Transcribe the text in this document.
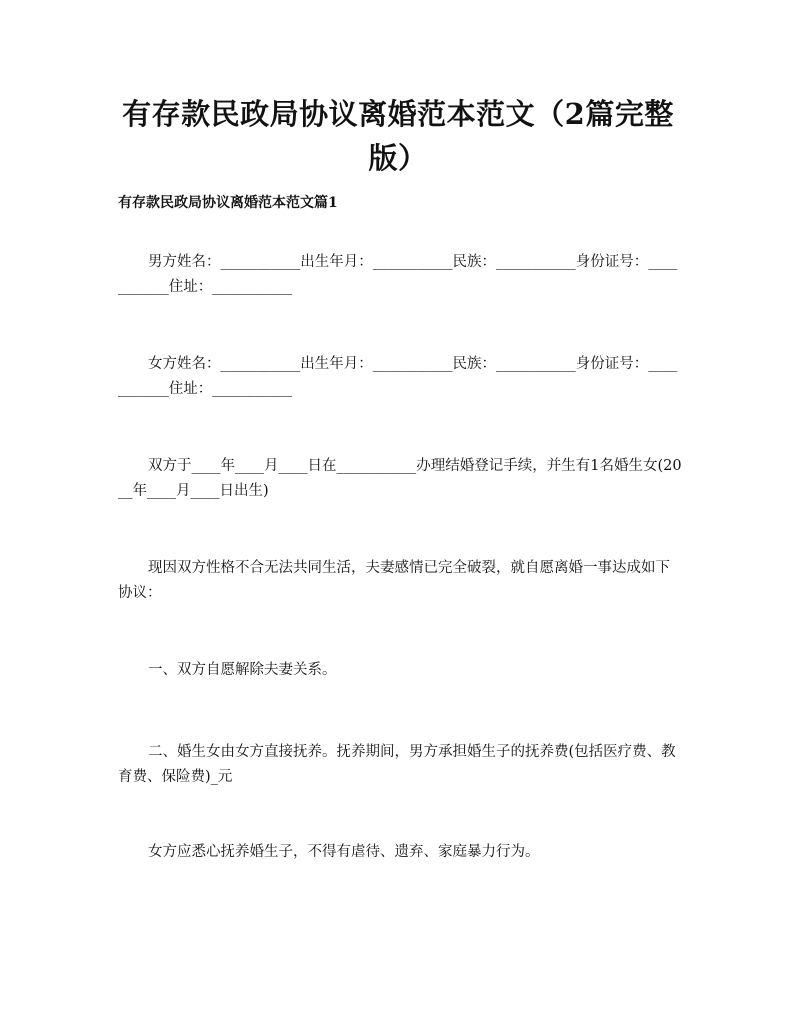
有存款民政局协议离婚范本范文（2篇完整版）
有存款民政局协议离婚范本范文篇1

男方姓名：___________出生年月：___________民族：___________身份证号：___________住址：___________

女方姓名：___________出生年月：___________民族：___________身份证号：___________住址：___________

双方于____年____月____日在___________办理结婚登记手续，并生有1名婚生女(20__年____月____日出生)

现因双方性格不合无法共同生活，夫妻感情已完全破裂，就自愿离婚一事达成如下协议：

一、双方自愿解除夫妻关系。

二、婚生女由女方直接抚养。抚养期间，男方承担婚生子的抚养费(包括医疗费、教育费、保险费)_元

女方应悉心抚养婚生子，不得有虐待、遗弃、家庭暴力行为。
